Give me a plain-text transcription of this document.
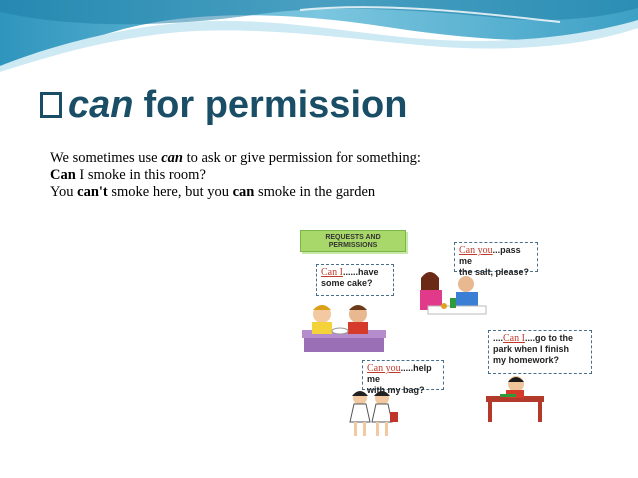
can for permission
We sometimes use can to ask or give permission for something:
Can I smoke in this room?
You can't smoke here, but you can smoke in the garden
REQUESTS AND
PERMISSIONS
Can I......have
some cake?
Can you...pass me
the salt, please?
....Can I....go to the
park when I finish
my homework?
Can you.....help me
with my bag?
